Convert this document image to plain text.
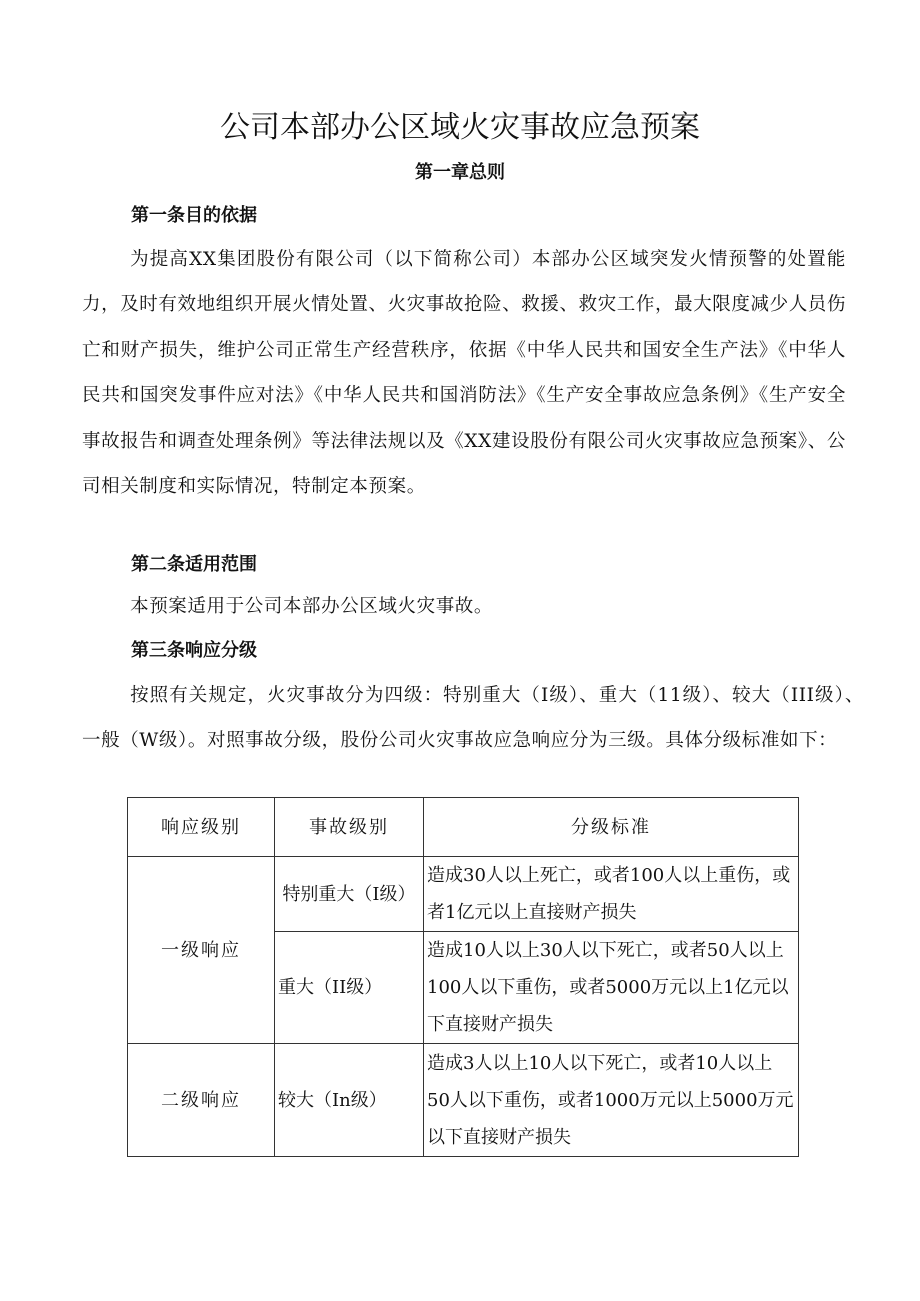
公司本部办公区域火灾事故应急预案
第一章总则
第一条目的依据

为提高XX集团股份有限公司（以下简称公司）本部办公区域突发火情预警的处置能力，及时有效地组织开展火情处置、火灾事故抢险、救援、救灾工作，最大限度减少人员伤亡和财产损失，维护公司正常生产经营秩序，依据《中华人民共和国安全生产法》《中华人民共和国突发事件应对法》《中华人民共和国消防法》《生产安全事故应急条例》《生产安全事故报告和调查处理条例》等法律法规以及《XX建设股份有限公司火灾事故应急预案》、公司相关制度和实际情况，特制定本预案。

第二条适用范围

本预案适用于公司本部办公区域火灾事故。

第三条响应分级

按照有关规定，火灾事故分为四级：特别重大（I级）、重大（11级）、较大（III级）、一般（W级）。对照事故分级，股份公司火灾事故应急响应分为三级。具体分级标准如下：

响应级别	事故级别	分级标准
一级响应	特别重大（I级）	造成30人以上死亡，或者100人以上重伤，或者1亿元以上直接财产损失
	重大（II级）	造成10人以上30人以下死亡，或者50人以上100人以下重伤，或者5000万元以上1亿元以下直接财产损失
二级响应	较大（In级）	造成3人以上10人以下死亡，或者10人以上50人以下重伤，或者1000万元以上5000万元以下直接财产损失
